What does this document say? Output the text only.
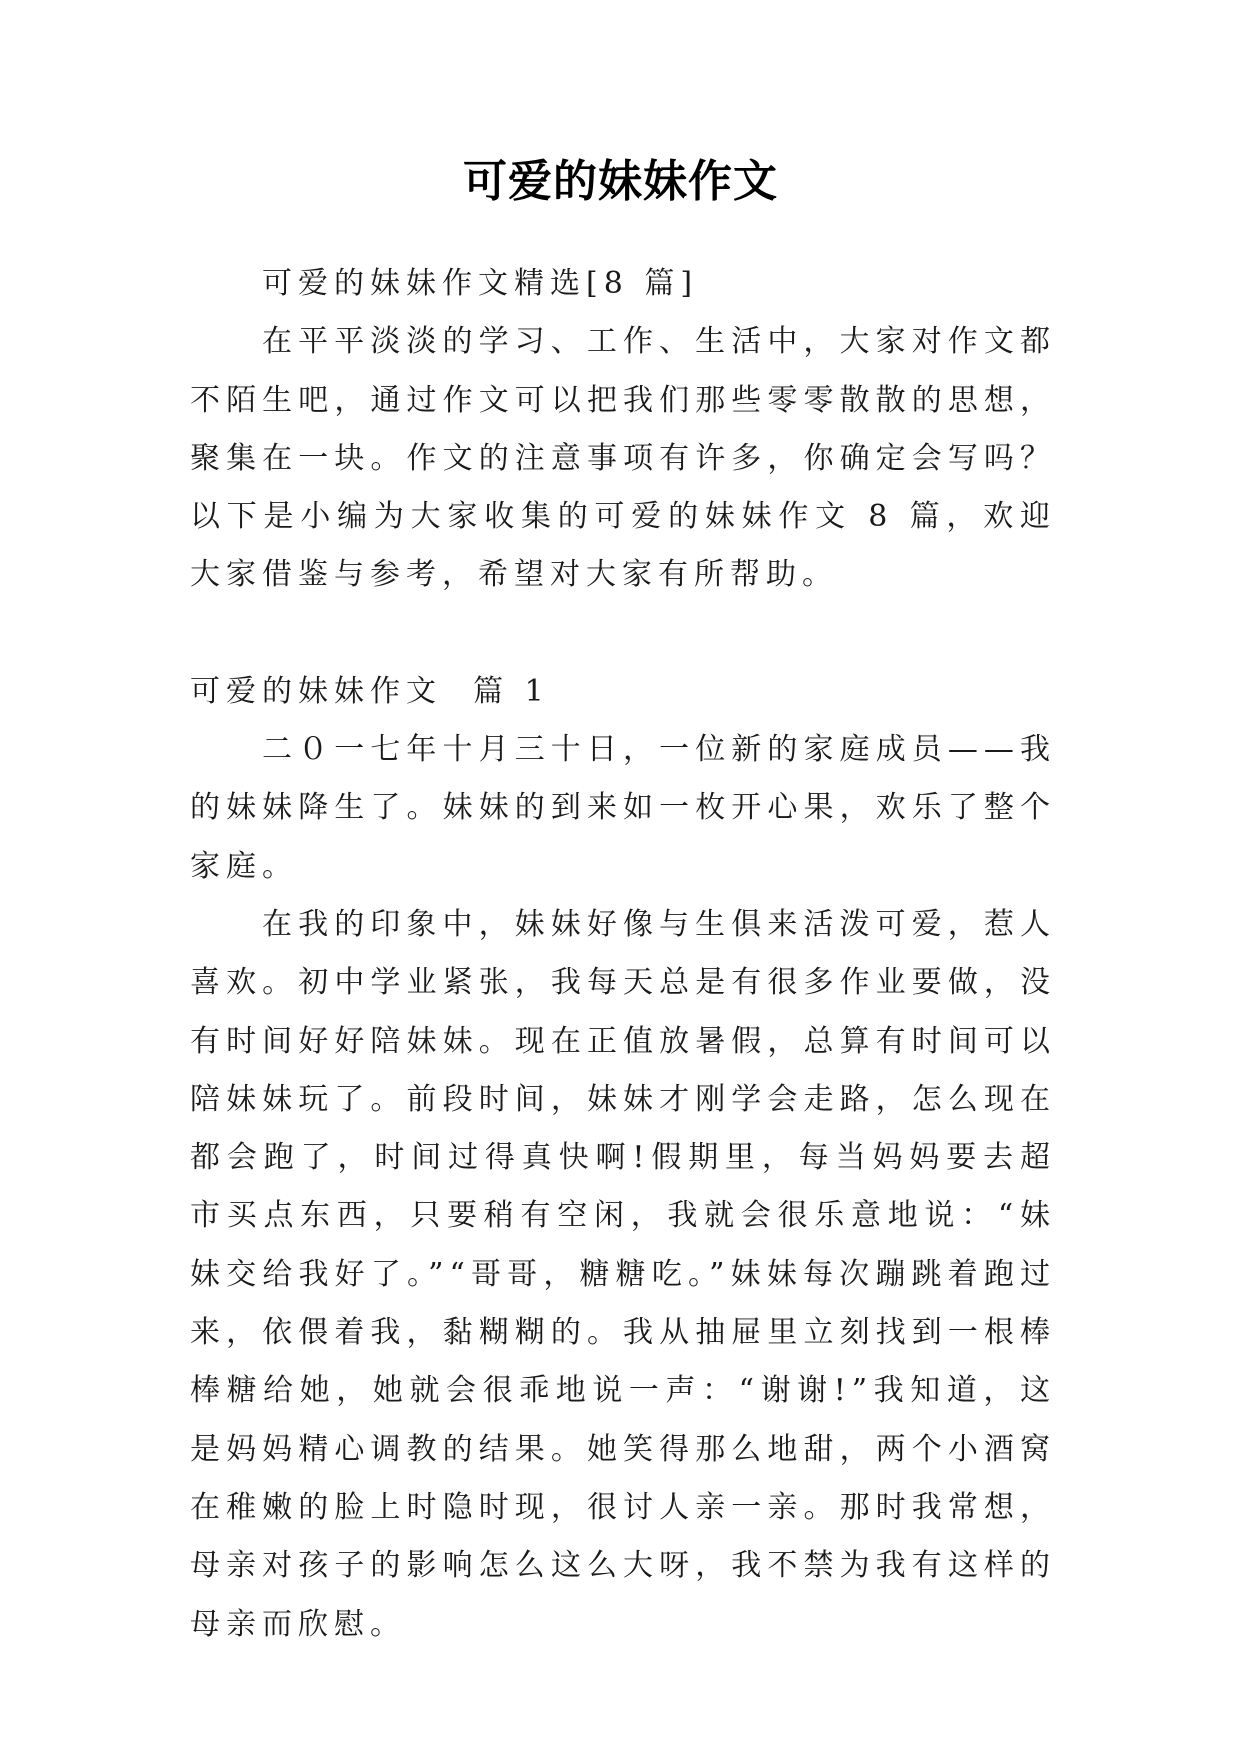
可爱的妹妹作文

可爱的妹妹作文精选[8 篇]

在平平淡淡的学习、工作、生活中，大家对作文都不陌生吧，通过作文可以把我们那些零零散散的思想，聚集在一块。作文的注意事项有许多，你确定会写吗？以下是小编为大家收集的可爱的妹妹作文 8 篇，欢迎大家借鉴与参考，希望对大家有所帮助。

可爱的妹妹作文  篇 1

二０一七年十月三十日，一位新的家庭成员——我的妹妹降生了。妹妹的到来如一枚开心果，欢乐了整个家庭。

在我的印象中，妹妹好像与生俱来活泼可爱，惹人喜欢。初中学业紧张，我每天总是有很多作业要做，没有时间好好陪妹妹。现在正值放暑假，总算有时间可以陪妹妹玩了。前段时间，妹妹才刚学会走路，怎么现在都会跑了，时间过得真快啊!假期里，每当妈妈要去超市买点东西，只要稍有空闲，我就会很乐意地说：“妹妹交给我好了。”“哥哥，糖糖吃。”妹妹每次蹦跳着跑过来，依偎着我，黏糊糊的。我从抽屉里立刻找到一根棒棒糖给她，她就会很乖地说一声：“谢谢!”我知道，这是妈妈精心调教的结果。她笑得那么地甜，两个小酒窝在稚嫩的脸上时隐时现，很讨人亲一亲。那时我常想，母亲对孩子的影响怎么这么大呀，我不禁为我有这样的母亲而欣慰。
